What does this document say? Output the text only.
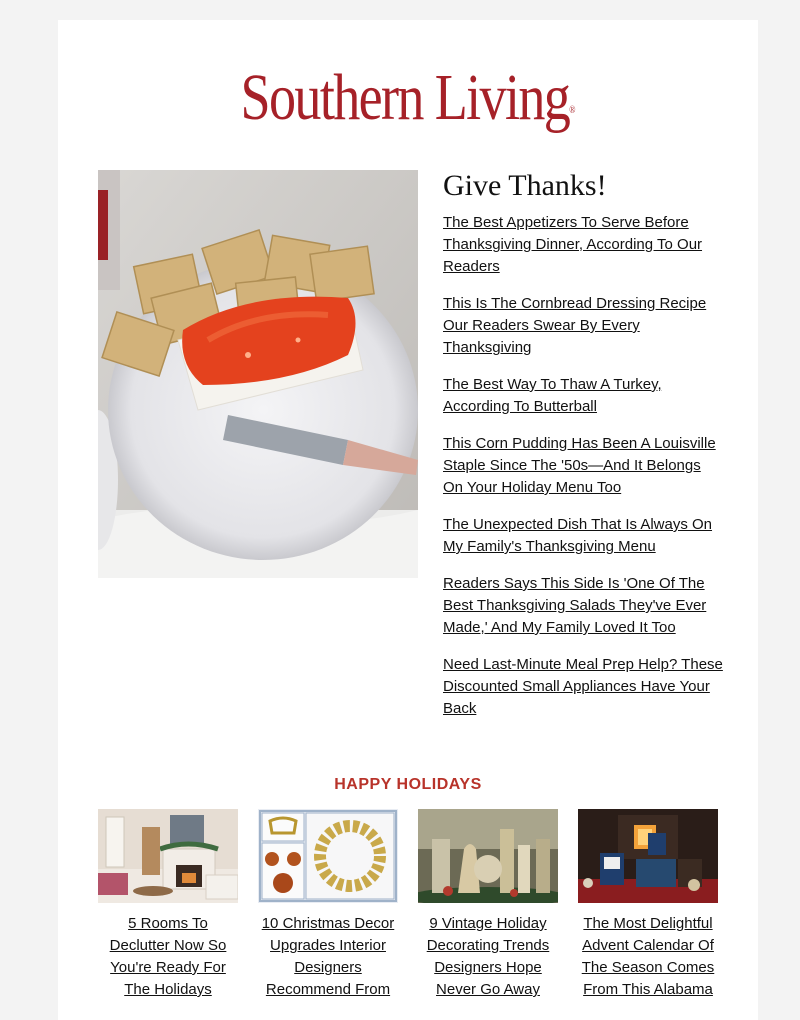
Southern Living®
Give Thanks!
The Best Appetizers To Serve Before Thanksgiving Dinner, According To Our Readers
This Is The Cornbread Dressing Recipe Our Readers Swear By Every Thanksgiving
The Best Way To Thaw A Turkey, According To Butterball
This Corn Pudding Has Been A Louisville Staple Since The '50s—And It Belongs On Your Holiday Menu Too
The Unexpected Dish That Is Always On My Family's Thanksgiving Menu
Readers Says This Side Is 'One Of The Best Thanksgiving Salads They've Ever Made,' And My Family Loved It Too
Need Last-Minute Meal Prep Help? These Discounted Small Appliances Have Your Back
HAPPY HOLIDAYS
5 Rooms To Declutter Now So You're Ready For The Holidays
10 Christmas Decor Upgrades Interior Designers Recommend From
9 Vintage Holiday Decorating Trends Designers Hope Never Go Away
The Most Delightful Advent Calendar Of The Season Comes From This Alabama
